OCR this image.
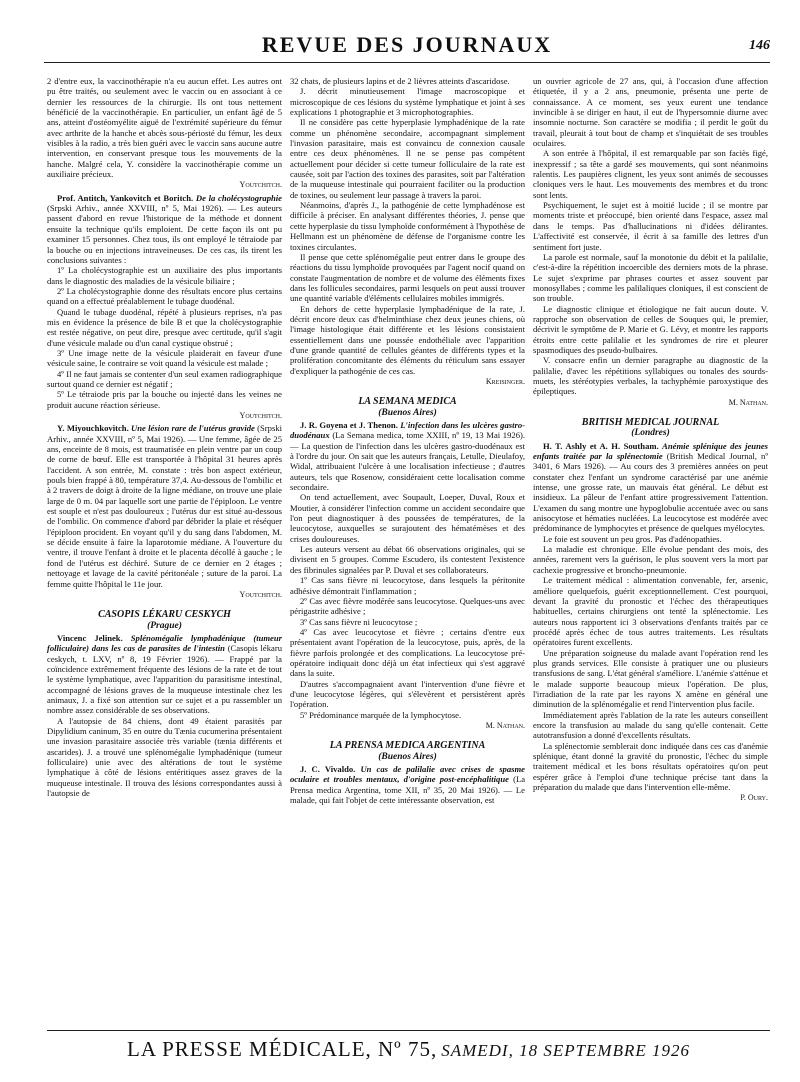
REVUE DES JOURNAUX	146

2 d'entre eux, la vaccinothérapie n'a eu aucun effet. Les autres ont pu être traités, ou seulement avec le vaccin ou en associant à ce dernier les ressources de la chirurgie. Ils ont tous nettement bénéficié de la vaccinothérapie. En particulier, un enfant âgé de 5 ans, atteint d'ostéomyélite aiguë de l'extrémité supérieure du fémur avec arthrite de la hanche et abcès sous-périosté du fémur, les deux visibles à la radio, a très bien guéri avec le vaccin sans aucune autre intervention, en conservant presque tous les mouvements de la hanche. Malgré cela, Y. considère la vaccinothérapie comme un auxiliaire précieux.

Youtchitch.

Prof. Antitch, Yankovitch et Boritch. De la cholécystographie (Srpski Arhiv., année XXVIII, nº 5, Mai 1926). — Les auteurs passent d'abord en revue l'historique de la méthode et donnent ensuite la technique qu'ils emploient. De cette façon ils ont pu examiner 15 personnes. Chez tous, ils ont employé le tétraiode par la bouche ou en injections intraveineuses. De ces cas, ils tirent les conclusions suivantes :

1º La cholécystographie est un auxiliaire des plus importants dans le diagnostic des maladies de la vésicule biliaire ;

2º La cholécystographie donne des résultats encore plus certains quand on a effectué préalablement le tubage duodénal.

Quand le tubage duodénal, répété à plusieurs reprises, n'a pas mis en évidence la présence de bile B et que la cholécystographie est restée négative, on peut dire, presque avec certitude, qu'il s'agit d'une vésicule malade ou d'un canal cystique obstrué ;

3º Une image nette de la vésicule plaiderait en faveur d'une vésicule saine, le contraire se voit quand la vésicule est malade ;

4º Il ne faut jamais se contenter d'un seul examen radiographique surtout quand ce dernier est négatif ;

5º Le tétraiode pris par la bouche ou injecté dans les veines ne produit aucune réaction sérieuse.

Youtchitch.

Y. Miyouchkovitch. Une lésion rare de l'utérus gravide (Srpski Arhiv., année XXVIII, nº 5, Mai 1926). — Une femme, âgée de 25 ans, enceinte de 8 mois, est traumatisée en plein ventre par un coup de corne de bœuf. Elle est transportée à l'hôpital 31 heures après l'accident. A son entrée, M. constate : très bon aspect extérieur, pouls bien frappé à 80, température 37,4. Au-dessous de l'ombilic et à 2 travers de doigt à droite de la ligne médiane, on trouve une plaie large de 0 m. 04 par laquelle sort une partie de l'épiploon. Le ventre est souple et n'est pas douloureux ; l'utérus dur est situé au-dessous de l'ombilic. On commence d'abord par débrider la plaie et réséquer l'épiploon procident. En voyant qu'il y du sang dans l'abdomen, M. se décide ensuite à faire la laparotomie médiane. A l'ouverture du ventre, il trouve l'enfant à droite et le placenta décollé à gauche ; le fond de l'utérus est déchiré. Suture de ce dernier en 2 étages ; nettoyage et lavage de la cavité péritonéale ; suture de la paroi. La femme quitte l'hôpital le 11e jour.

Youtchitch.
CASOPIS LÉKARU CESKYCH
(Prague)

Vincenc Jelinek. Splénomégalie lymphadénique (tumeur folliculaire) dans les cas de parasites de l'intestin (Casopis lékaru ceskych, t. LXV, nº 8, 19 Février 1926). — Frappé par la coïncidence extrêmement fréquente des lésions de la rate et de tout le système lymphatique, avec l'apparition du parasitisme intestinal, accompagné de lésions graves de la muqueuse intestinale chez les animaux, J. a fixé son attention sur ce sujet et a pu rassembler un nombre assez considérable de ses observations.

A l'autopsie de 84 chiens, dont 49 étaient parasités par Dipylidium caninum, 35 en outre du Tænia cucumerina présentaient une invasion parasitaire associée très variable (tænia différents et ascarides). J. a trouvé une splénomégalie lymphadénique (tumeur folliculaire) unie avec des altérations de tout le système lymphatique à côté de lésions entéritiques assez graves de la muqueuse intestinale. Il trouva des lésions correspondantes aussi à l'autopsie de

32 chats, de plusieurs lapins et de 2 lièvres atteints d'ascaridose.

J. décrit minutieusement l'image macroscopique et microscopique de ces lésions du système lymphatique et joint à ses explications 1 photographie et 3 microphotographies.

Il ne considère pas cette hyperplasie lymphadénique de la rate comme un phénomène secondaire, accompagnant simplement l'invasion parasitaire, mais est convaincu de connexion causale entre ces deux phénomènes. Il ne se pense pas compétent actuellement pour décider si cette tumeur folliculaire de la rate est causée, soit par l'action des toxines des parasites, soit par l'altération de la muqueuse intestinale qui pourraient faciliter ou la production de toxines, ou seulement leur passage à travers la paroi.

Néanmoins, d'après J., la pathogénie de cette lymphadénose est difficile à préciser. En analysant différentes théories, J. pense que cette hyperplasie du tissu lymphoïde conformément à l'hypothèse de Hellmann est un phénomène de défense de l'organisme contre les toxines circulantes.

Il pense que cette splénomégalie peut entrer dans le groupe des réactions du tissu lymphoïde provoquées par l'agent nocif quand on constate l'augmentation de nombre et de volume des éléments fixes dans les follicules secondaires, parmi lesquels on peut aussi trouver une quantité variable d'éléments cellulaires mobiles immigrés.

En dehors de cette hyperplasie lymphadénique de la rate, J. décrit encore deux cas d'helminthiase chez deux jeunes chiens, où l'image histologique était différente et les lésions consistaient essentiellement dans une poussée endothéliale avec l'apparition d'une grande quantité de cellules géantes de différents types et la prolifération concomitante des éléments du réticulum sans essayer d'expliquer la pathogénie de ces cas.

Kreisinger.
LA SEMANA MEDICA
(Buenos Aires)

J. R. Goyena et J. Thenon. L'infection dans les ulcères gastro-duodénaux (La Semana medica, tome XXIII, nº 19, 13 Mai 1926). — La question de l'infection dans les ulcères gastro-duodénaux est à l'ordre du jour. On sait que les auteurs français, Letulle, Dieulafoy, Widal, attribuaient l'ulcère à une localisation infectieuse ; d'autres auteurs, tels que Rosenow, considéraient cette localisation comme secondaire.

On tend actuellement, avec Soupault, Loeper, Duval, Roux et Moutier, à considérer l'infection comme un accident secondaire que l'on peut diagnostiquer à des poussées de températures, de la leucocytose, auxquelles se surajoutent des hématémèses et des crises douloureuses.

Les auteurs versent au débat 66 observations originales, qui se divisent en 5 groupes. Comme Escudero, ils contestent l'existence des fibrinules signalées par P. Duval et ses collaborateurs.

1º Cas sans fièvre ni leucocytose, dans lesquels la péritonite adhésive démontrait l'inflammation ;

2º Cas avec fièvre modérée sans leucocytose. Quelques-uns avec périgastrite adhésive ;

3º Cas sans fièvre ni leucocytose ;

4º Cas avec leucocytose et fièvre ; certains d'entre eux présentaient avant l'opération de la leucocytose, puis, après, de la fièvre parfois prolongée et des complications. La leucocytose pré-opératoire indiquait donc déjà un état infectieux qui s'est aggravé dans la suite.

D'autres s'accompagnaient avant l'intervention d'une fièvre et d'une leucocytose légères, qui s'élevèrent et persistèrent après l'opération.

5º Prédominance marquée de la lymphocytose.

M. Nathan.
LA PRENSA MEDICA ARGENTINA
(Buenos Aires)

J. C. Vivaldo. Un cas de palilalie avec crises de spasme oculaire et troubles mentaux, d'origine post-encéphalitique (La Prensa medica Argentina, tome XII, nº 35, 20 Mai 1926). — Le malade, qui fait l'objet de cette intéressante observation, est

un ouvrier agricole de 27 ans, qui, à l'occasion d'une affection étiquetée, il y a 2 ans, pneumonie, présenta une perte de connaissance. A ce moment, ses yeux eurent une tendance invincible à se diriger en haut, il eut de l'hypersomnie diurne avec insomnie nocturne. Son caractère se modifia ; il perdit le goût du travail, pleurait à tout bout de champ et s'inquiétait de ses troubles oculaires.

A son entrée à l'hôpital, il est remarquable par son faciès figé, inexpressif ; sa tête a gardé ses mouvements, qui sont néanmoins ralentis. Les paupières clignent, les yeux sont animés de secousses cloniques vers le haut. Les mouvements des membres et du tronc sont lents.

Psychiquement, le sujet est à moitié lucide ; il se montre par moments triste et préoccupé, bien orienté dans l'espace, assez mal dans le temps. Pas d'hallucinations ni d'idées délirantes. L'affectivité est conservée, il écrit à sa famille des lettres d'un sentiment fort juste.

La parole est normale, sauf la monotonie du débit et la palilalie, c'est-à-dire la répétition incoercible des derniers mots de la phrase. Le sujet s'exprime par phrases courtes et assez souvent par monosyllabes ; comme les palilaliques cloniques, il est conscient de son trouble.

Le diagnostic clinique et étiologique ne fait aucun doute. V. rapproche son observation de celles de Souques qui, le premier, décrivit le symptôme de P. Marie et G. Lévy, et montre les rapports étroits entre cette palilalie et les syndromes de rire et pleurer spasmodiques des pseudo-bulbaires.

V. consacre enfin un dernier paragraphe au diagnostic de la palilalie, d'avec les répétitions syllabiques ou tonales des sourds-muets, les stéréotypies verbales, la tachyphémie paroxystique des épileptiques.

M. Nathan.
BRITISH MEDICAL JOURNAL
(Londres)

H. T. Ashly et A. H. Southam. Anémie splénique des jeunes enfants traitée par la splénectomie (British Medical Journal, nº 3401, 6 Mars 1926). — Au cours des 3 premières années on peut constater chez l'enfant un syndrome caractérisé par une anémie intense, une grosse rate, un mauvais état général. Le début est insidieux. La pâleur de l'enfant attire progressivement l'attention. L'examen du sang montre une hypoglobulie accentuée avec ou sans anisocytose et hématies nucléées. La leucocytose est modérée avec prédominance de lymphocytes et présence de quelques myélocytes.

Le foie est souvent un peu gros. Pas d'adénopathies.

La maladie est chronique. Elle évolue pendant des mois, des années, rarement vers la guérison, le plus souvent vers la mort par cachexie progressive et broncho-pneumonie.

Le traitement médical : alimentation convenable, fer, arsenic, améliore quelquefois, guérit exceptionnellement. C'est pourquoi, devant la gravité du pronostic et l'échec des thérapeutiques habituelles, certains chirurgiens ont tenté la splénectomie. Les auteurs nous rapportent ici 3 observations d'enfants traités par ce procédé après échec de tous autres traitements. Les résultats opératoires furent excellents.

Une préparation soigneuse du malade avant l'opération rend les plus grands services. Elle consiste à pratiquer une ou plusieurs transfusions de sang. L'état général s'améliore. L'anémie s'atténue et le malade supporte beaucoup mieux l'opération. De plus, l'irradiation de la rate par les rayons X amène en général une diminution de la splénomégalie et rend l'intervention plus facile.

Immédiatement après l'ablation de la rate les auteurs conseillent encore la transfusion au malade du sang qu'elle contenait. Cette autotransfusion a donné d'excellents résultats.

La splénectomie semblerait donc indiquée dans ces cas d'anémie splénique, étant donné la gravité du pronostic, l'échec du simple traitement médical et les bons résultats opératoires qu'on peut espérer grâce à l'emploi d'une technique précise tant dans la préparation du malade que dans l'intervention elle-même.

P. Oury.
LA PRESSE MÉDICALE, Nº 75, SAMEDI, 18 SEPTEMBRE 1926
